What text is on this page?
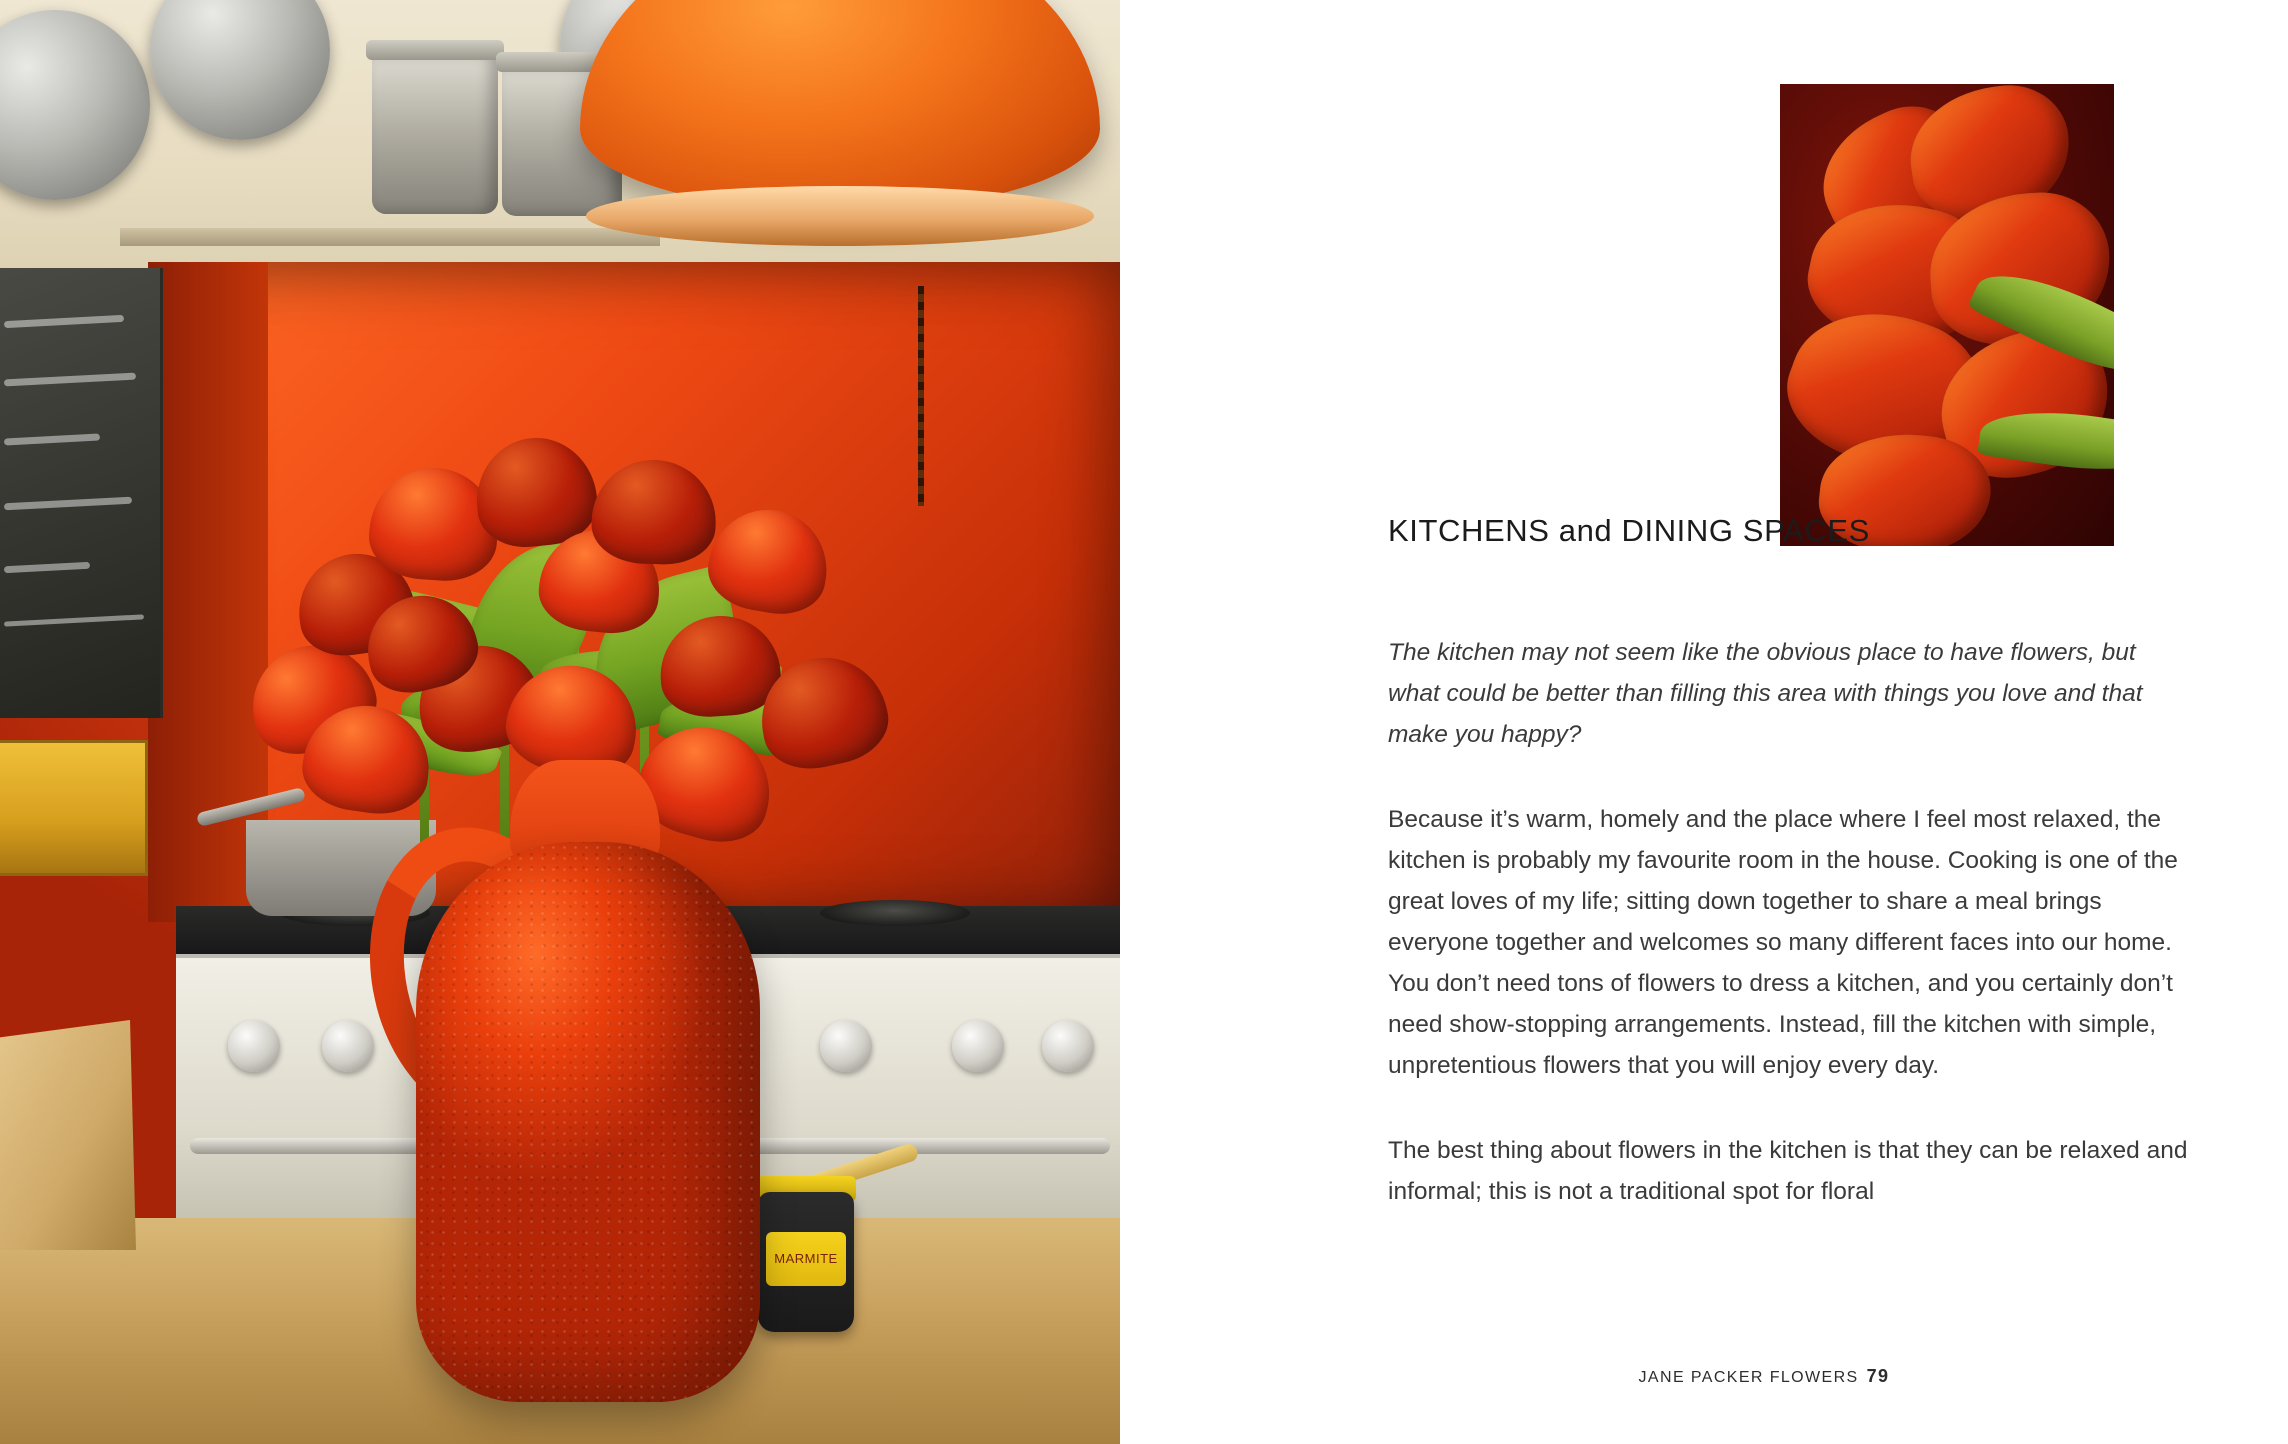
MARMITE
KITCHENS and DINING SPACES

The kitchen may not seem like the obvious place to have flowers, but what could be better than filling this area with things you love and that make you happy?

Because it’s warm, homely and the place where I feel most relaxed, the kitchen is probably my favourite room in the house. Cooking is one of the great loves of my life; sitting down together to share a meal brings everyone together and welcomes so many different faces into our home. You don’t need tons of flowers to dress a kitchen, and you certainly don’t need show-stopping arrangements. Instead, fill the kitchen with simple, unpretentious flowers that you will enjoy every day.

The best thing about flowers in the kitchen is that they can be relaxed and informal; this is not a traditional spot for floral

JANE PACKER FLOWERS 79
